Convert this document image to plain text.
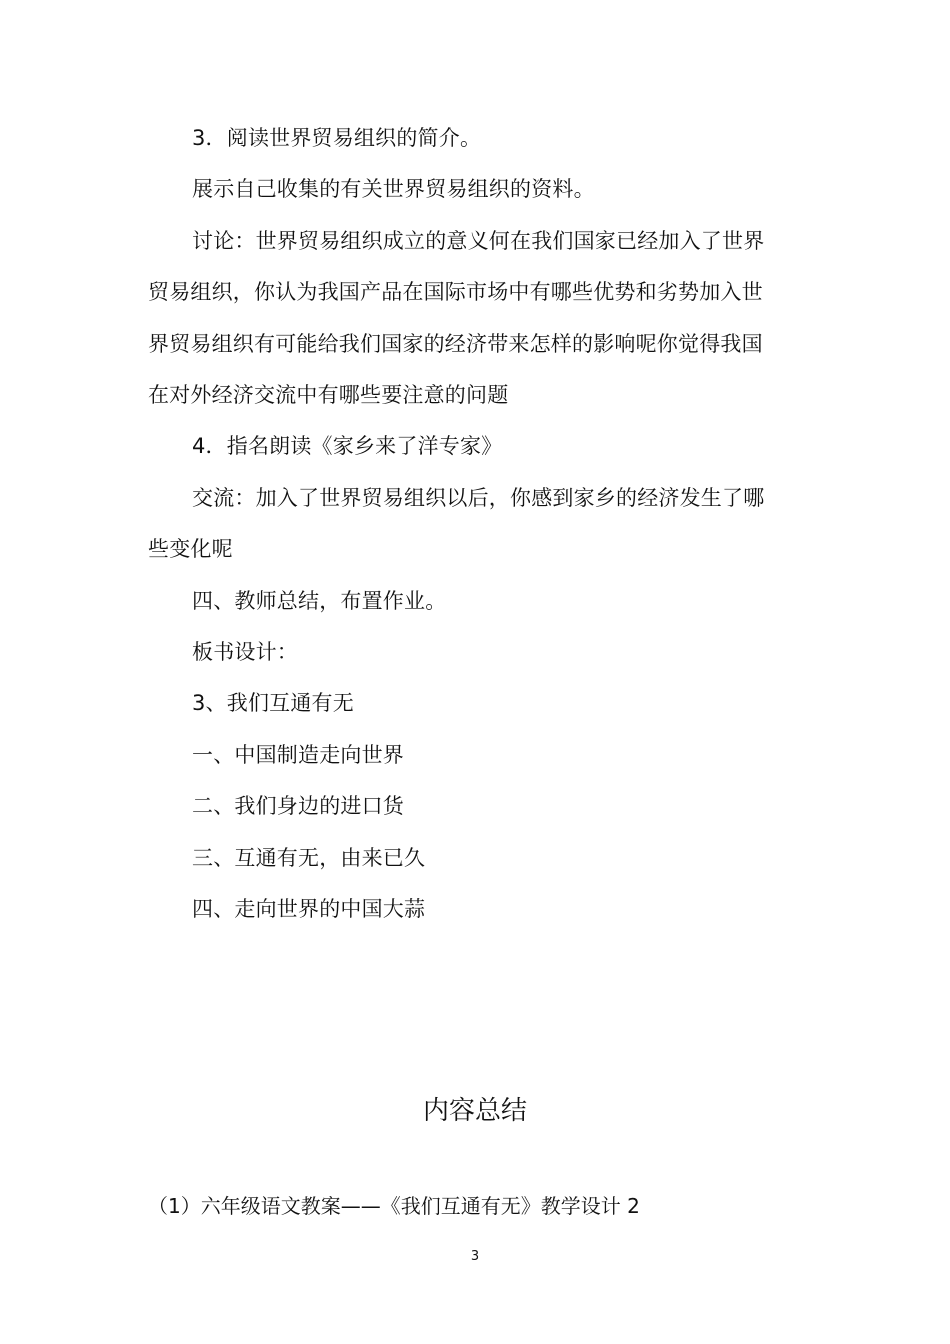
3．阅读世界贸易组织的简介。
展示自己收集的有关世界贸易组织的资料。
讨论：世界贸易组织成立的意义何在我们国家已经加入了世界
贸易组织，你认为我国产品在国际市场中有哪些优势和劣势加入世
界贸易组织有可能给我们国家的经济带来怎样的影响呢你觉得我国
在对外经济交流中有哪些要注意的问题
4．指名朗读《家乡来了洋专家》
交流：加入了世界贸易组织以后，你感到家乡的经济发生了哪
些变化呢
四、教师总结，布置作业。
板书设计：
3、我们互通有无
一、中国制造走向世界
二、我们身边的进口货
三、互通有无，由来已久
四、走向世界的中国大蒜
内容总结
（1）六年级语文教案——《我们互通有无》教学设计 2
3
